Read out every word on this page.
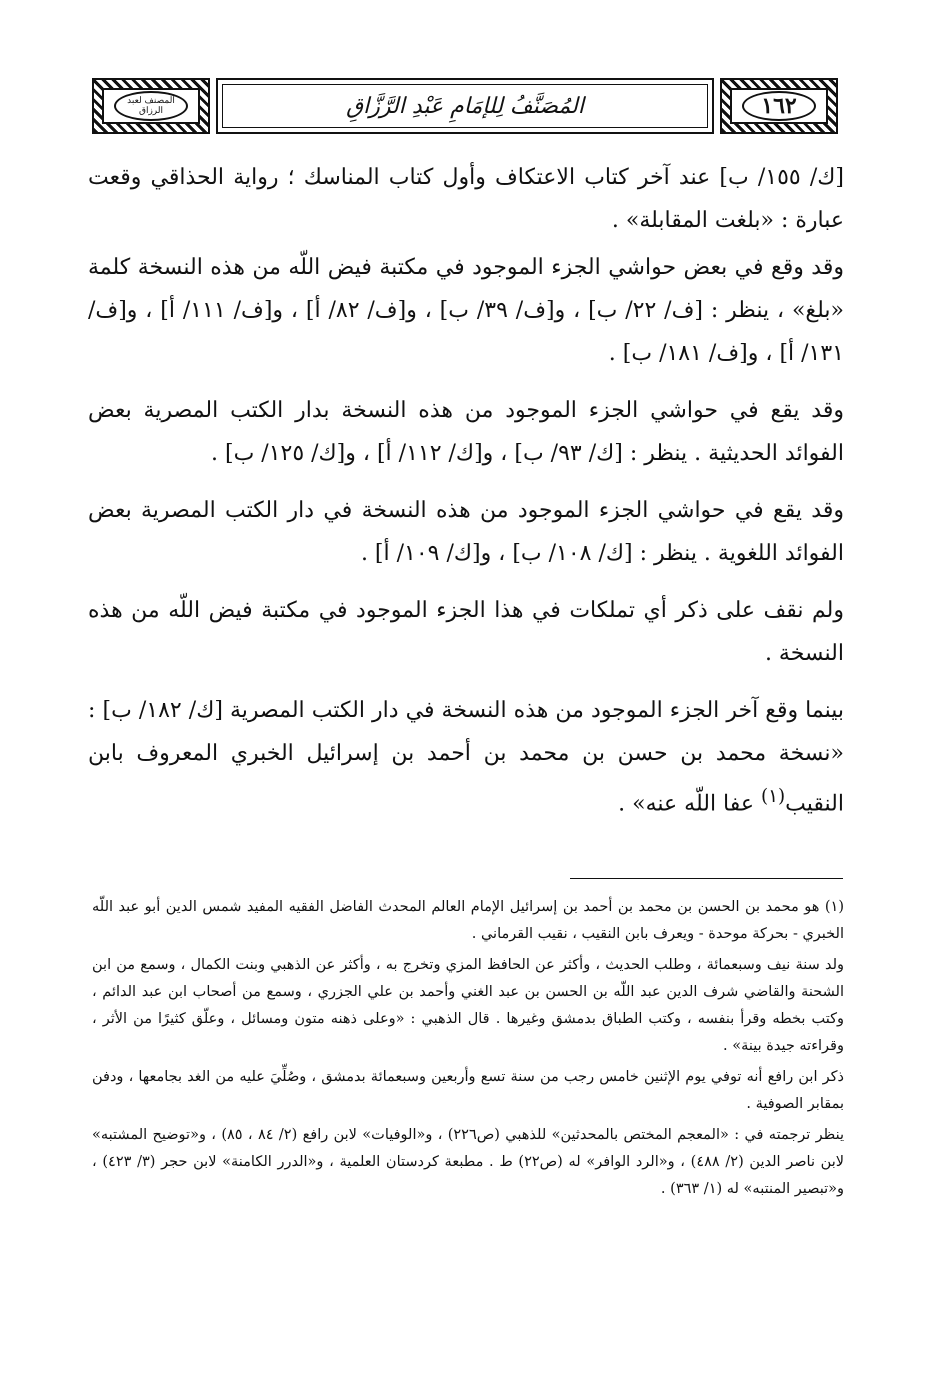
١٦٢
المُصَنَّفُ لِلإمَامِ عَبْدِ الرَّزَّاقِ
المصنف لعبد الرزاق

[ك/ ١٥٥/ ب] عند آخر كتاب الاعتكاف وأول كتاب المناسك ؛ رواية الحذاقي وقعت عبارة : «بلغت المقابلة» .

وقد وقع في بعض حواشي الجزء الموجود في مكتبة فيض اللّه من هذه النسخة كلمة «بلغ» ، ينظر : [ف/ ٢٢/ ب] ، و[ف/ ٣٩/ ب] ، و[ف/ ٨٢/ أ] ، و[ف/ ١١١/ أ] ، و[ف/ ١٣١/ أ] ، و[ف/ ١٨١/ ب] .

وقد يقع في حواشي الجزء الموجود من هذه النسخة بدار الكتب المصرية بعض الفوائد الحديثية . ينظر : [ك/ ٩٣/ ب] ، و[ك/ ١١٢/ أ] ، و[ك/ ١٢٥/ ب] .

وقد يقع في حواشي الجزء الموجود من هذه النسخة في دار الكتب المصرية بعض الفوائد اللغوية . ينظر : [ك/ ١٠٨/ ب] ، و[ك/ ١٠٩/ أ] .

ولم نقف على ذكر أي تملكات في هذا الجزء الموجود في مكتبة فيض اللّه من هذه النسخة .

بينما وقع آخر الجزء الموجود من هذه النسخة في دار الكتب المصرية [ك/ ١٨٢/ ب] : «نسخة محمد بن حسن بن محمد بن أحمد بن إسرائيل الخبري المعروف بابن النقيب$^{(١)}$ عفا اللّه عنه» .

(١) هو محمد بن الحسن بن محمد بن أحمد بن إسرائيل الإمام العالم المحدث الفاضل الفقيه المفيد شمس الدين أبو عبد اللّه الخبري - بحركة موحدة - ويعرف بابن النقيب ، نقيب القرماني .

ولد سنة نيف وسبعمائة ، وطلب الحديث ، وأكثر عن الحافظ المزي وتخرج به ، وأكثر عن الذهبي وبنت الكمال ، وسمع من ابن الشحنة والقاضي شرف الدين عبد اللّه بن الحسن بن عبد الغني وأحمد بن علي الجزري ، وسمع من أصحاب ابن عبد الدائم ، وكتب بخطه وقرأ بنفسه ، وكتب الطباق بدمشق وغيرها . قال الذهبي : «وعلى ذهنه متون ومسائل ، وعلّق كثيرًا من الأثر ، وقراءته جيدة بينة» .

ذكر ابن رافع أنه توفي يوم الإثنين خامس رجب من سنة تسع وأربعين وسبعمائة بدمشق ، وصُلِّيَ عليه من الغد بجامعها ، ودفن بمقابر الصوفية .

ينظر ترجمته في : «المعجم المختص بالمحدثين» للذهبي (ص٢٢٦) ، و«الوفيات» لابن رافع (٢/ ٨٤ ، ٨٥) ، و«توضيح المشتبه» لابن ناصر الدين (٢/ ٤٨٨) ، و«الرد الوافر» له (ص٢٢) ط . مطبعة كردستان العلمية ، و«الدرر الكامنة» لابن حجر (٣/ ٤٢٣) ، و«تبصير المنتبه» له (١/ ٣٦٣) .
